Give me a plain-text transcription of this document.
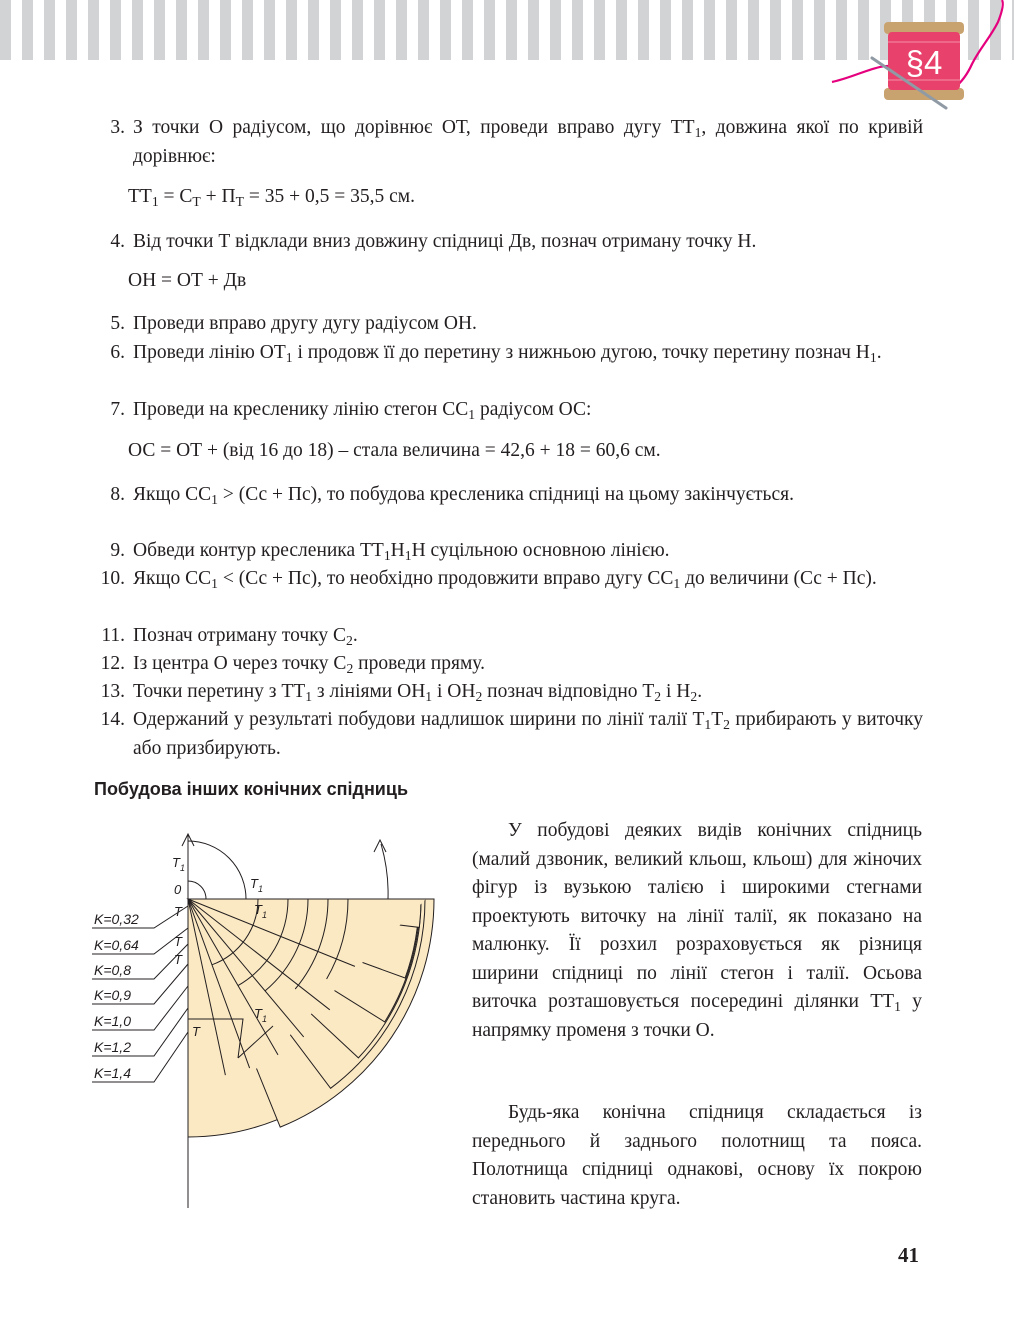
§4
3. З точки О радіусом, що дорівнює ОТ, проведи вправо дугу $ТТ_1$, довжина якої по кривій дорівнює:
4. Від точки Т відклади вниз довжину спідниці Дв, познач отриману точку Н.
5. Проведи вправо другу дугу радіусом ОН.
6. Проведи лінію $ОТ_1$ і продовж її до перетину з нижньою дугою, точку перетину познач $Н_1$.
7. Проведи на кресленику лінію стегон $СС_1$ радіусом ОС:
8. Якщо $СС_1 > (Сс + Пс)$, то побудова кресленика спідниці на цьому закінчується.
9. Обведи контур кресленика $ТТ_1Н_1Н$ суцільною основною лінією.
10. Якщо $СС_1 < (Сс + Пс)$, то необхідно продовжити вправо дугу $СС_1$ до величини (Сс + Пс).
11. Познач отриману точку $С_2$.
12. Із центра О через точку $С_2$ проведи пряму.
13. Точки перетину з $ТТ_1$ з лініями $ОН_1$ і $ОН_2$ познач відповідно $Т_2$ і $Н_2$.
14. Одержаний у результаті побудови надлишок ширини по лінії талії $Т_1Т_2$ прибирають у виточку або призбирують.
$ТТ_1 = С_Т + П_Т = 35 + 0,5 = 35,5$ см.
ОН = ОТ + Дв
ОС = ОТ + (від 16 до 18) – стала величина = 42,6 + 18 = 60,6 см.
Побудова інших конічних спідниць
У побудові деяких видів конічних спідниць (малий дзвоник, великий кльош, кльош) для жіночих фігур із вузькою талією і широкими стегнами проектують виточку на лінії талії, як показано на малюнку. Її розхил розраховується як різниця ширини спідниці по лінії стегон і талії. Осьова виточка розташовується посередині ділянки $ТТ_1$ у напрямку променя з точки О.
Будь-яка конічна спідниця складається із переднього й заднього полотнищ та пояса. Полотнища спідниці однакові, основу їх покрою становить частина круга.
K=0,32
K=0,64
K=0,8
K=0,9
K=1,0
K=1,2
K=1,4
$T_1$
0
T
$T_1$
$T_1$
T
T
T
$T_1$
41
